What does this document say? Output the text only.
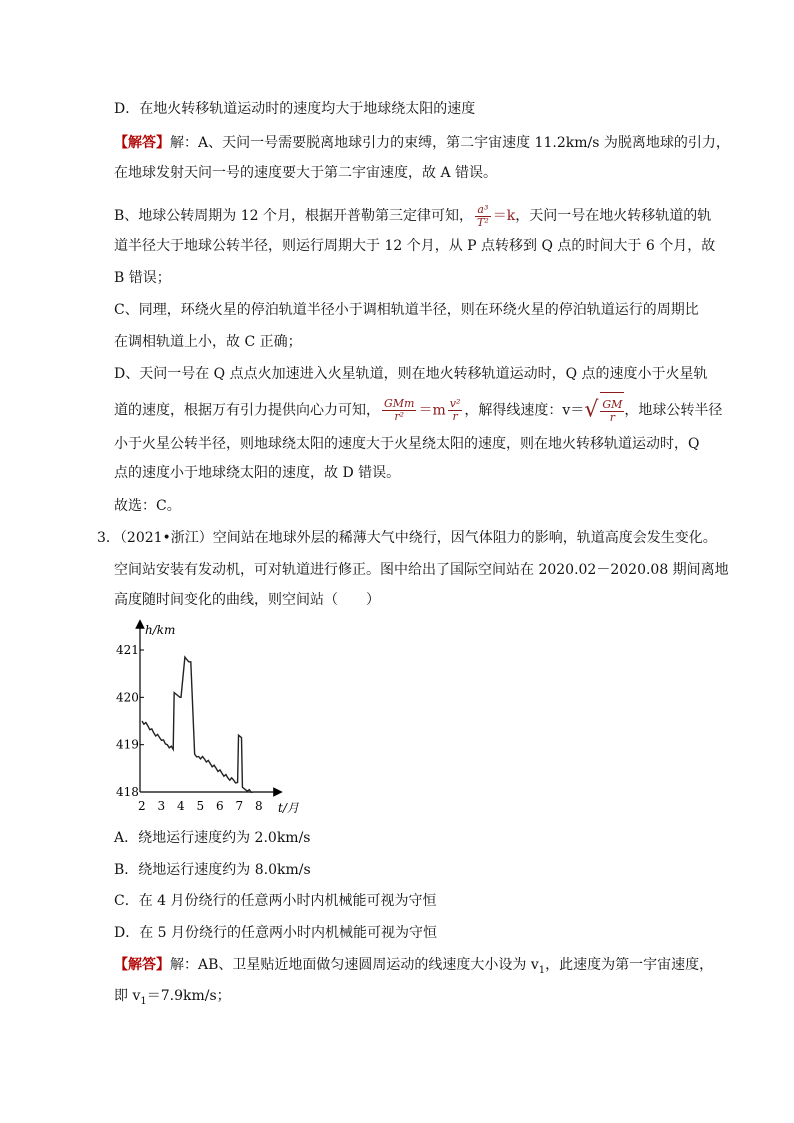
D．在地火转移轨道运动时的速度均大于地球绕太阳的速度
【解答】解：A、天问一号需要脱离地球引力的束缚，第二宇宙速度 11.2km/s 为脱离地球的引力，
在地球发射天问一号的速度要大于第二宇宙速度，故 A 错误。
B、地球公转周期为 12 个月，根据开普勒第三定律可知， $\frac{\text{a³}}{\text{T²}} =k$，天问一号在地火转移轨道的轨
道半径大于地球公转半径，则运行周期大于 12 个月，从 P 点转移到 Q 点的时间大于 6 个月，故
B 错误；
C、同理，环绕火星的停泊轨道半径小于调相轨道半径，则在环绕火星的停泊轨道运行的周期比
在调相轨道上小，故 C 正确；
D、天问一号在 Q 点点火加速进入火星轨道，则在地火转移轨道运动时，Q 点的速度小于火星轨
道的速度，根据万有引力提供向心力可知， $\frac{\text{GMm}}{\text{r²}} =m \frac{\text{v²}}{r}$ ，解得线速度：$v=√ \frac{GM}{r}$ ，地球公转半径
小于火星公转半径，则地球绕太阳的速度大于火星绕太阳的速度，则在地火转移轨道运动时，Q
点的速度小于地球绕太阳的速度，故 D 错误。
故选：C。
3．（2021•浙江）空间站在地球外层的稀薄大气中绕行，因气体阻力的影响，轨道高度会发生变化。
空间站安装有发动机，可对轨道进行修正。图中给出了国际空间站在 2020.02－2020.08 期间离地
高度随时间变化的曲线，则空间站（　　）
h/km
t/月
2 3 4 5 6 7 8
418
419
420
421
A．绕地运行速度约为 2.0km/s
B．绕地运行速度约为 8.0km/s
C．在 4 月份绕行的任意两小时内机械能可视为守恒
D．在 5 月份绕行的任意两小时内机械能可视为守恒
【解答】解：AB、卫星贴近地面做匀速圆周运动的线速度大小设为 $v_1$，此速度为第一宇宙速度，
即 $v_1=7.9km/s$；
